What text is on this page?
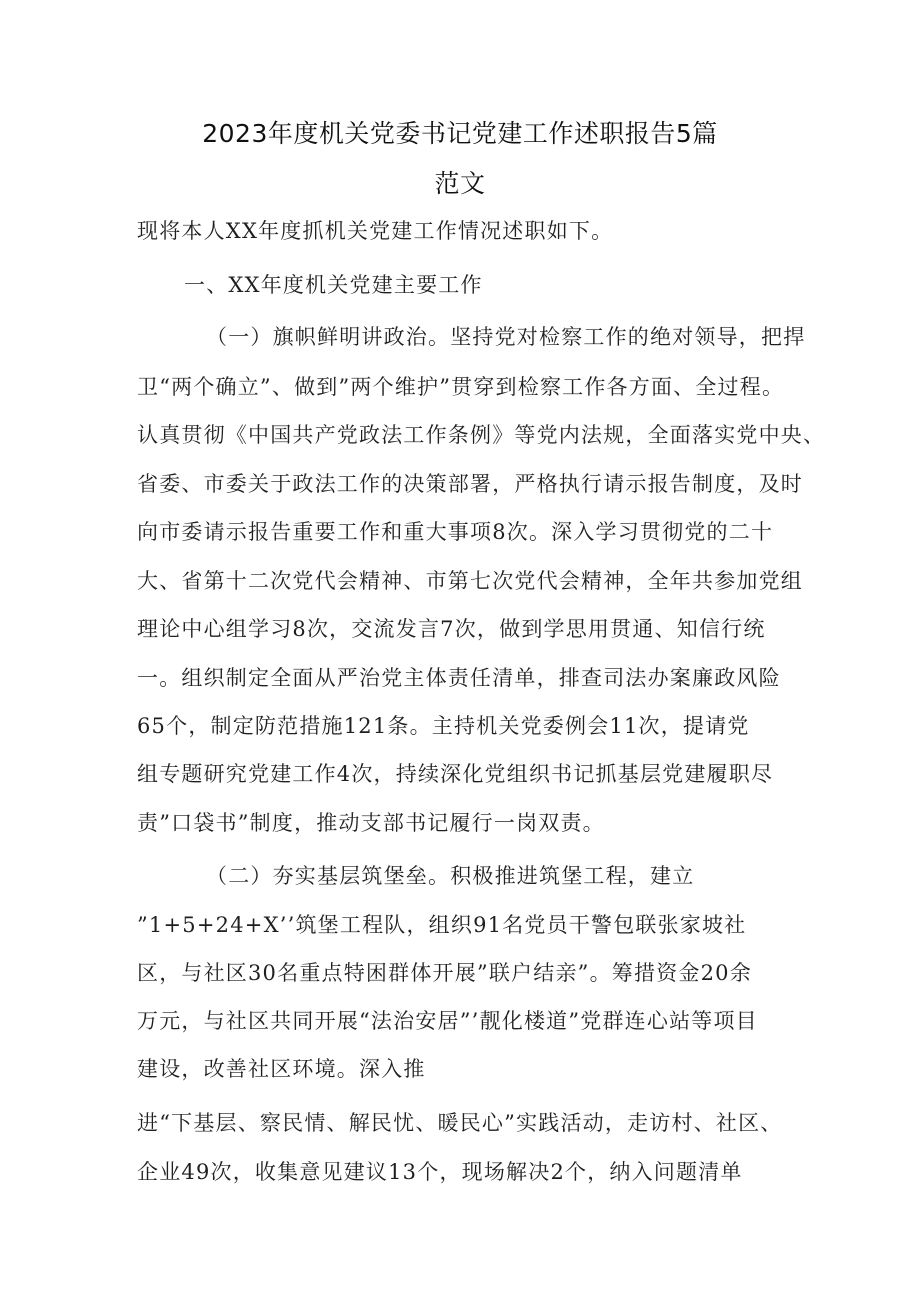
2023年度机关党委书记党建工作述职报告5篇
范文
现将本人XX年度抓机关党建工作情况述职如下。
一、XX年度机关党建主要工作
（一）旗帜鲜明讲政治。坚持党对检察工作的绝对领导，把捍
卫“两个确立”、做到”两个维护”贯穿到检察工作各方面、全过程。
认真贯彻《中国共产党政法工作条例》等党内法规，全面落实党中央、
省委、市委关于政法工作的决策部署，严格执行请示报告制度，及时
向市委请示报告重要工作和重大事项8次。深入学习贯彻党的二十
大、省第十二次党代会精神、市第七次党代会精神，全年共参加党组
理论中心组学习8次，交流发言7次，做到学思用贯通、知信行统
一。组织制定全面从严治党主体责任清单，排查司法办案廉政风险
65个，制定防范措施121条。主持机关党委例会11次，提请党
组专题研究党建工作4次，持续深化党组织书记抓基层党建履职尽
责”口袋书”制度，推动支部书记履行一岗双责。
（二）夯实基层筑堡垒。积极推进筑堡工程，建立
”1+5+24+X’’筑堡工程队，组织91名党员干警包联张家坡社
区，与社区30名重点特困群体开展”联户结亲”。筹措资金20余
万元，与社区共同开展“法治安居”’靓化楼道”党群连心站等项目
建设，改善社区环境。深入推
进“下基层、察民情、解民忧、暖民心”实践活动，走访村、社区、
企业49次，收集意见建议13个，现场解决2个，纳入问题清单
